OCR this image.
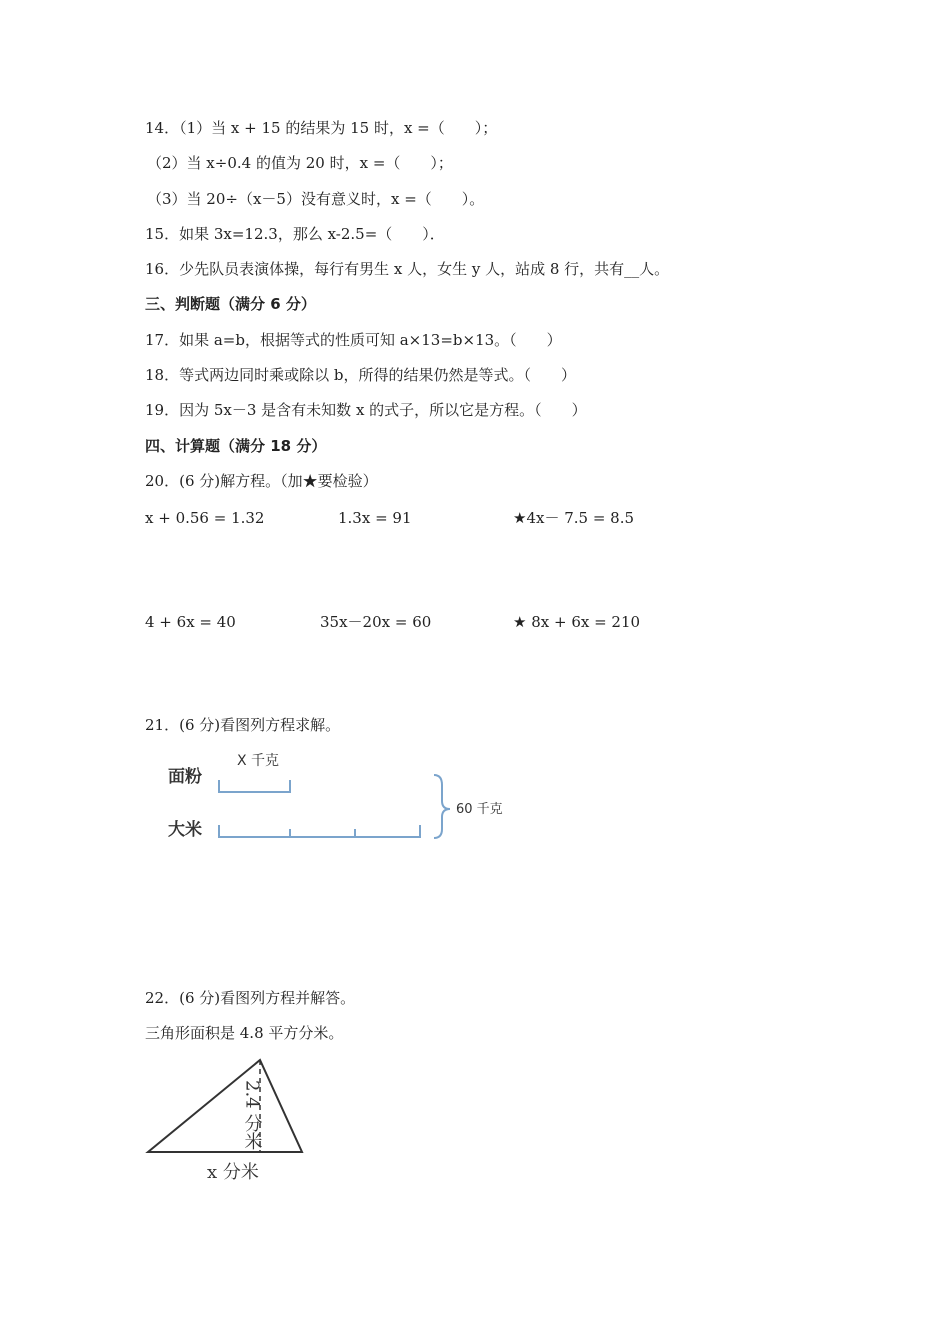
14．（1）当 x + 15 的结果为 15 时，x =（　　）；
（2）当 x÷0.4 的值为 20 时，x =（　　）；
（3）当 20÷（x－5）没有意义时，x =（　　）。
15．如果 3x=12.3，那么 x-2.5=（　　）．
16．少先队员表演体操，每行有男生 x 人，女生 y 人，站成 8 行，共有__人。
三、判断题（满分 6 分）
17．如果 a=b，根据等式的性质可知 a×13=b×13。（　　）
18．等式两边同时乘或除以 b，所得的结果仍然是等式。（　　）
19．因为 5x－3 是含有未知数 x 的式子，所以它是方程。（　　）
四、计算题（满分 18 分）
20．(6 分)解方程。（加★要检验）
x + 0.56 = 1.32	1.3x = 91	★4x－ 7.5 = 8.5
4 + 6x = 40	35x－20x = 60	★ 8x + 6x = 210
21．(6 分)看图列方程求解。
面粉
X 千克
大米
60 千克
22．(6 分)看图列方程并解答。
三角形面积是 4.8 平方分米。
2.4 分米
x 分米
